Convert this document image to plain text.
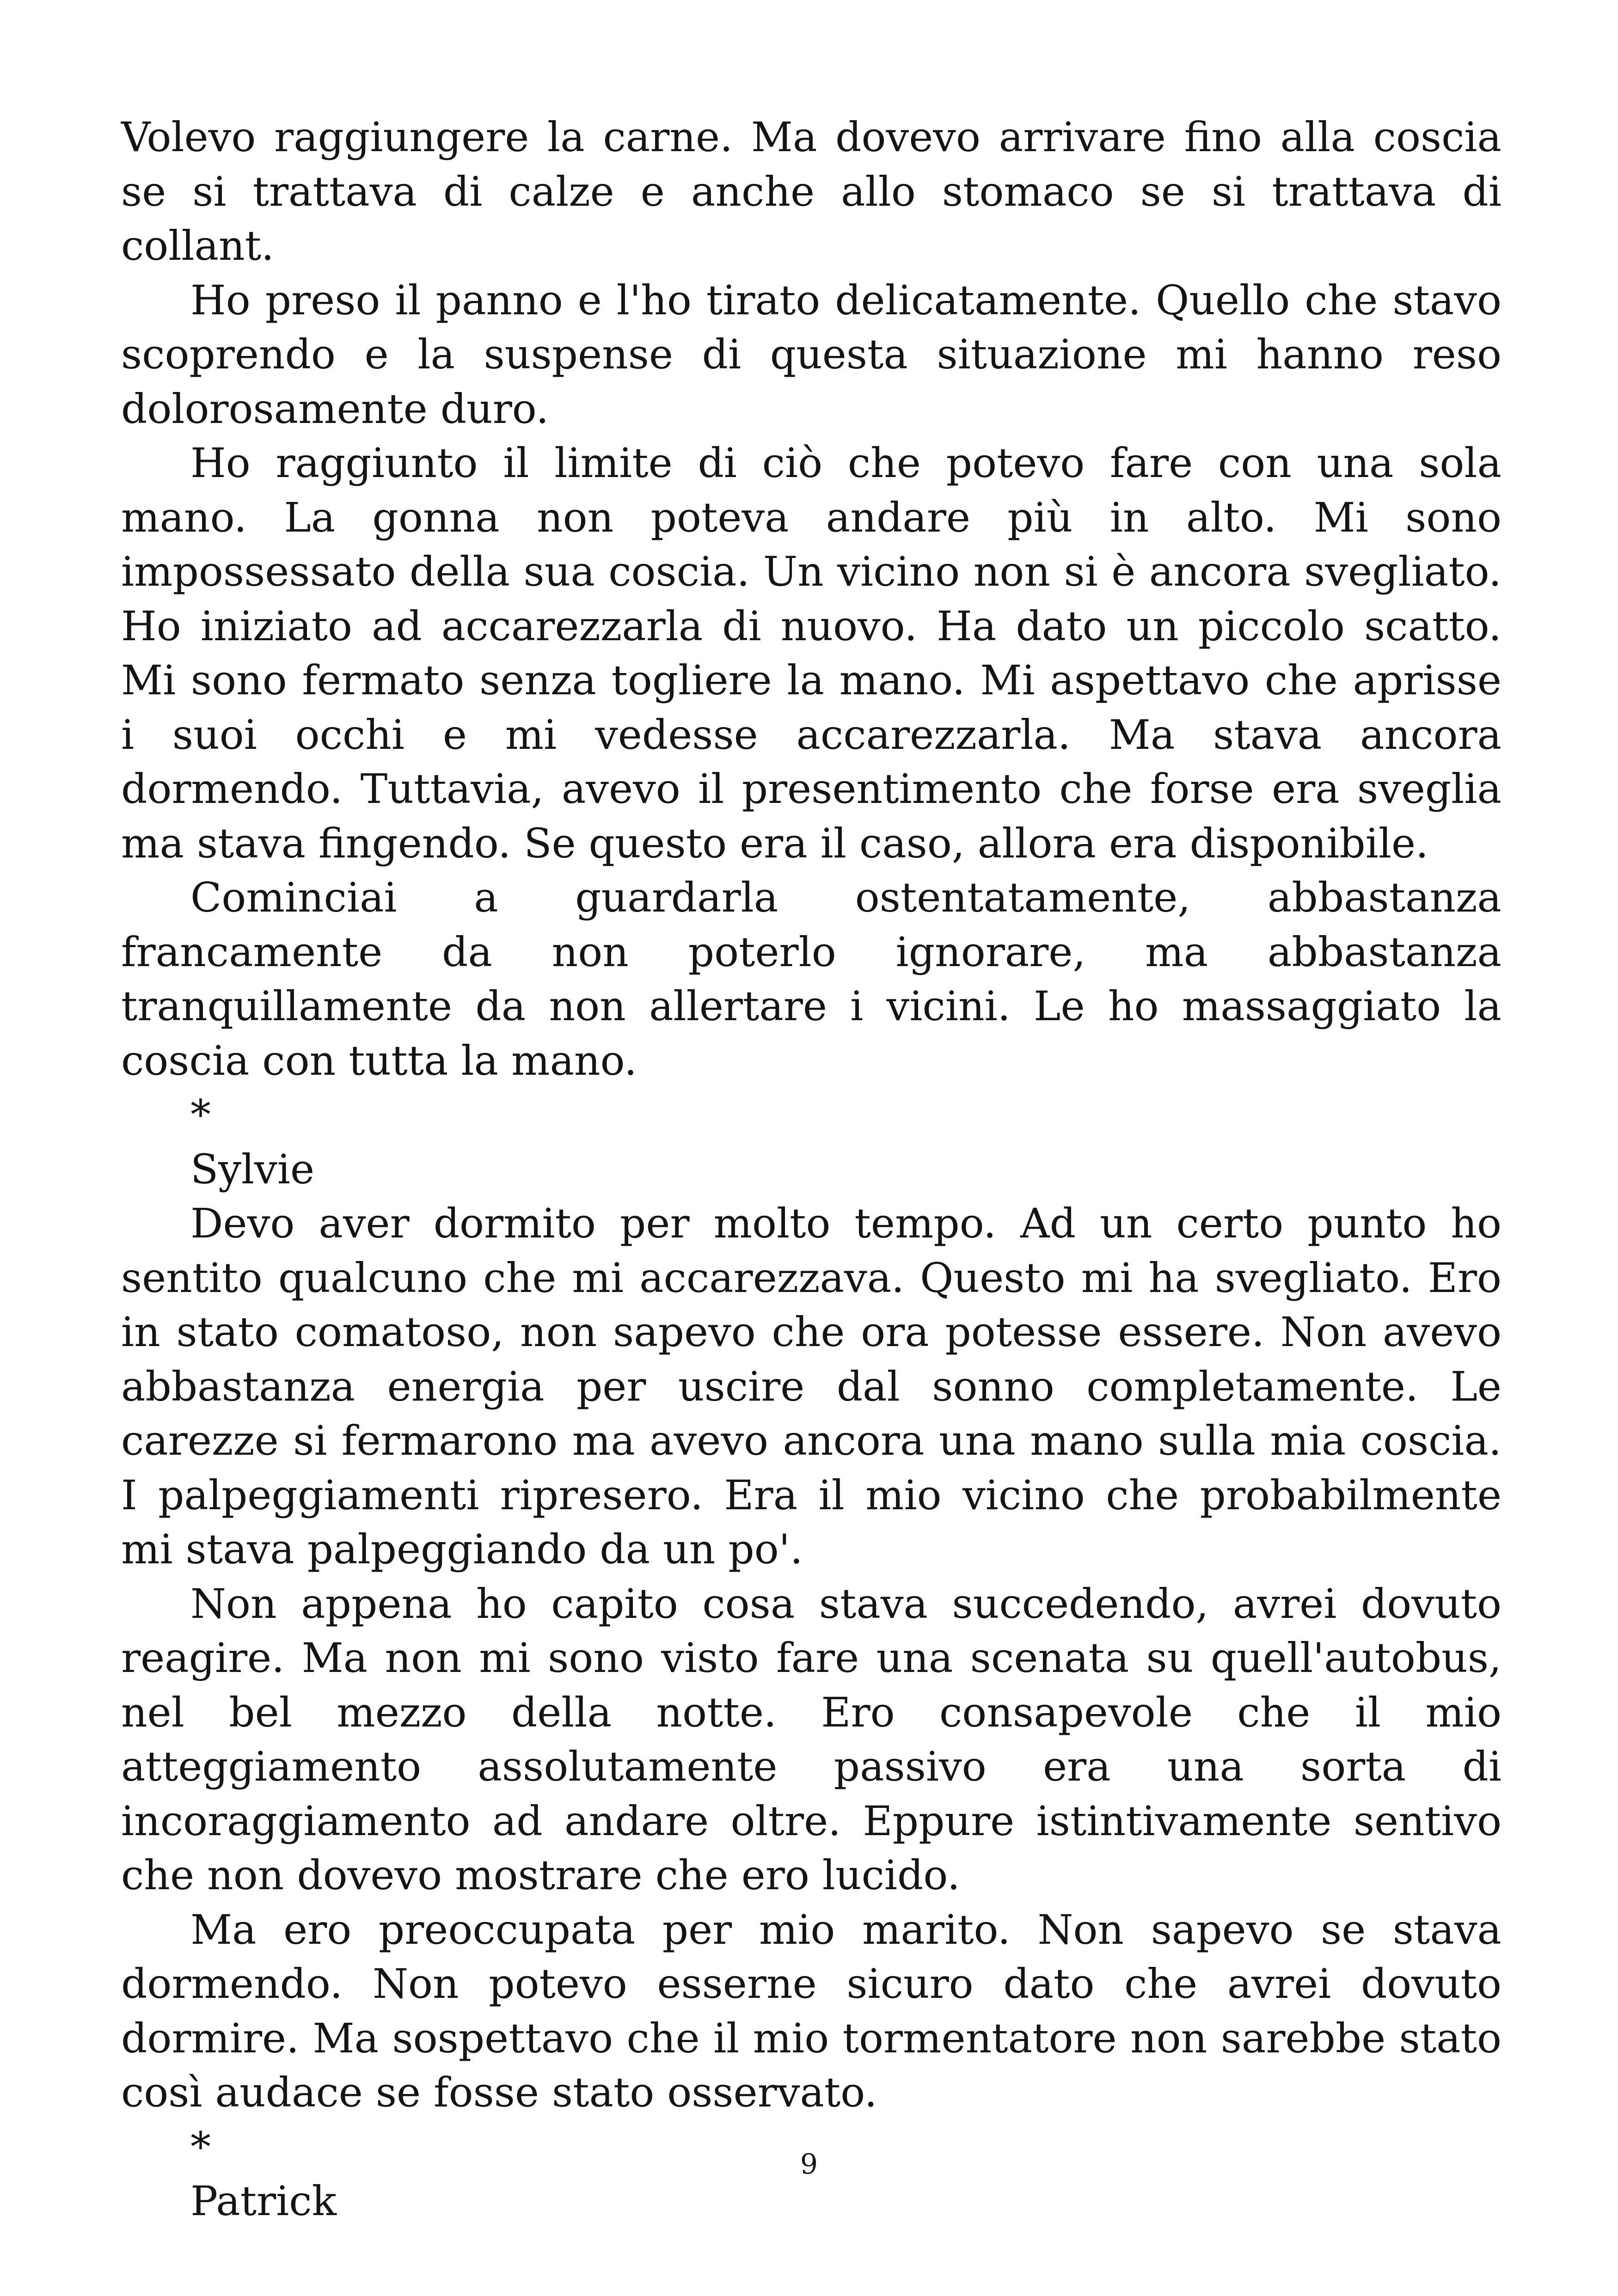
Volevo raggiungere la carne. Ma dovevo arrivare fino alla coscia se si trattava di calze e anche allo stomaco se si trattava di collant.

Ho preso il panno e l'ho tirato delicatamente. Quello che stavo scoprendo e la suspense di questa situazione mi hanno reso dolorosamente duro.

Ho raggiunto il limite di ciò che potevo fare con una sola mano. La gonna non poteva andare più in alto. Mi sono impossessato della sua coscia. Un vicino non si è ancora svegliato. Ho iniziato ad accarezzarla di nuovo. Ha dato un piccolo scatto. Mi sono fermato senza togliere la mano. Mi aspettavo che aprisse i suoi occhi e mi vedesse accarezzarla. Ma stava ancora dormendo. Tuttavia, avevo il presentimento che forse era sveglia ma stava fingendo. Se questo era il caso, allora era disponibile.

Cominciai a guardarla ostentatamente, abbastanza francamente da non poterlo ignorare, ma abbastanza tranquillamente da non allertare i vicini. Le ho massaggiato la coscia con tutta la mano.

*

Sylvie

Devo aver dormito per molto tempo. Ad un certo punto ho sentito qualcuno che mi accarezzava. Questo mi ha svegliato. Ero in stato comatoso, non sapevo che ora potesse essere. Non avevo abbastanza energia per uscire dal sonno completamente. Le carezze si fermarono ma avevo ancora una mano sulla mia coscia. I palpeggiamenti ripresero. Era il mio vicino che probabilmente mi stava palpeggiando da un po'.

Non appena ho capito cosa stava succedendo, avrei dovuto reagire. Ma non mi sono visto fare una scenata su quell'autobus, nel bel mezzo della notte. Ero consapevole che il mio atteggiamento assolutamente passivo era una sorta di incoraggiamento ad andare oltre. Eppure istintivamente sentivo che non dovevo mostrare che ero lucido.

Ma ero preoccupata per mio marito. Non sapevo se stava dormendo. Non potevo esserne sicuro dato che avrei dovuto dormire. Ma sospettavo che il mio tormentatore non sarebbe stato così audace se fosse stato osservato.

*

Patrick

9
